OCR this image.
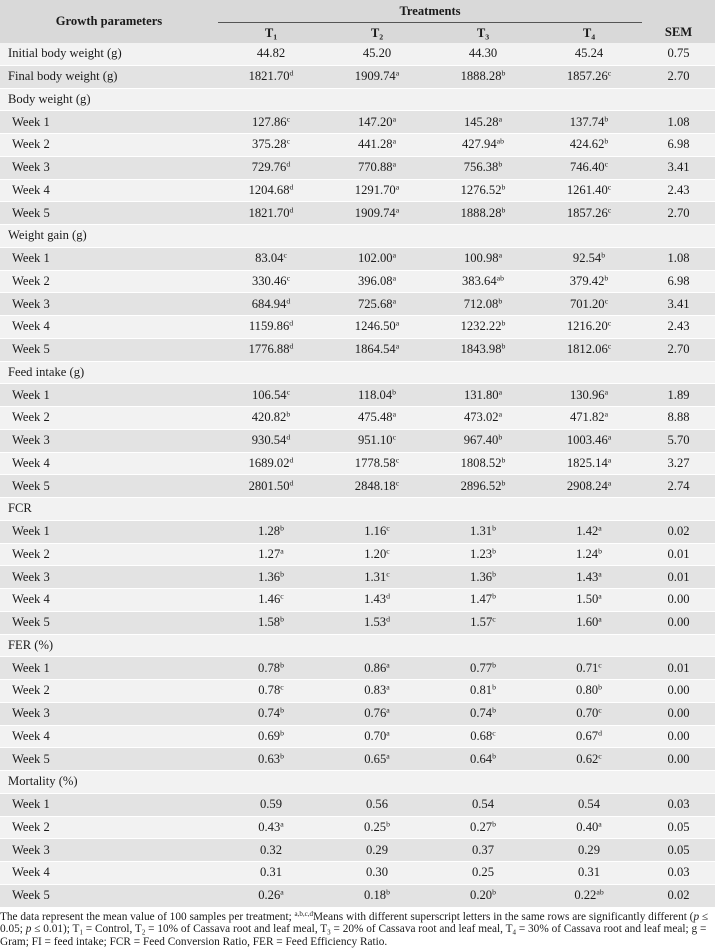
Growth parameters	Treatments				
	$T_1$	$T_2$	$T_3$	$T_4$	SEM
Initial body weight (g)	44.82	45.20	44.30	45.24	0.75
Final body weight (g)	1821.70$^d$	1909.74$^a$	1888.28$^b$	1857.26$^c$	2.70
Body weight (g)					
Week 1	127.86$^c$	147.20$^a$	145.28$^a$	137.74$^b$	1.08
Week 2	375.28$^c$	441.28$^a$	427.94$^{ab}$	424.62$^b$	6.98
Week 3	729.76$^d$	770.88$^a$	756.38$^b$	746.40$^c$	3.41
Week 4	1204.68$^d$	1291.70$^a$	1276.52$^b$	1261.40$^c$	2.43
Week 5	1821.70$^d$	1909.74$^a$	1888.28$^b$	1857.26$^c$	2.70
Weight gain (g)					
Week 1	83.04$^c$	102.00$^a$	100.98$^a$	92.54$^b$	1.08
Week 2	330.46$^c$	396.08$^a$	383.64$^{ab}$	379.42$^b$	6.98
Week 3	684.94$^d$	725.68$^a$	712.08$^b$	701.20$^c$	3.41
Week 4	1159.86$^d$	1246.50$^a$	1232.22$^b$	1216.20$^c$	2.43
Week 5	1776.88$^d$	1864.54$^a$	1843.98$^b$	1812.06$^c$	2.70
Feed intake (g)					
Week 1	106.54$^c$	118.04$^b$	131.80$^a$	130.96$^a$	1.89
Week 2	420.82$^b$	475.48$^a$	473.02$^a$	471.82$^a$	8.88
Week 3	930.54$^d$	951.10$^c$	967.40$^b$	1003.46$^a$	5.70
Week 4	1689.02$^d$	1778.58$^c$	1808.52$^b$	1825.14$^a$	3.27
Week 5	2801.50$^d$	2848.18$^c$	2896.52$^b$	2908.24$^a$	2.74
FCR					
Week 1	1.28$^b$	1.16$^c$	1.31$^b$	1.42$^a$	0.02
Week 2	1.27$^a$	1.20$^c$	1.23$^b$	1.24$^b$	0.01
Week 3	1.36$^b$	1.31$^c$	1.36$^b$	1.43$^a$	0.01
Week 4	1.46$^c$	1.43$^d$	1.47$^b$	1.50$^a$	0.00
Week 5	1.58$^b$	1.53$^d$	1.57$^c$	1.60$^a$	0.00
FER (%)					
Week 1	0.78$^b$	0.86$^a$	0.77$^b$	0.71$^c$	0.01
Week 2	0.78$^c$	0.83$^a$	0.81$^b$	0.80$^b$	0.00
Week 3	0.74$^b$	0.76$^a$	0.74$^b$	0.70$^c$	0.00
Week 4	0.69$^b$	0.70$^a$	0.68$^c$	0.67$^d$	0.00
Week 5	0.63$^b$	0.65$^a$	0.64$^b$	0.62$^c$	0.00
Mortality (%)					
Week 1	0.59	0.56	0.54	0.54	0.03
Week 2	0.43$^a$	0.25$^b$	0.27$^b$	0.40$^a$	0.05
Week 3	0.32	0.29	0.37	0.29	0.05
Week 4	0.31	0.30	0.25	0.31	0.03
Week 5	0.26$^a$	0.18$^b$	0.20$^b$	0.22$^{ab}$	0.02
The data represent the mean value of 100 samples per treatment; $^{a,b,c,d}$Means with different superscript letters in the same rows are significantly different (p ≤ 0.05; p ≤ 0.01); $T_1$ = Control, $T_2 = 10\%$ of Cassava root and leaf meal, $T_3 = 20\%$ of Cassava root and leaf meal, $T_4 = 30\%$ of Cassava root and leaf meal; g = Gram; FI = feed intake; FCR = Feed Conversion Ratio, FER = Feed Efficiency Ratio.
